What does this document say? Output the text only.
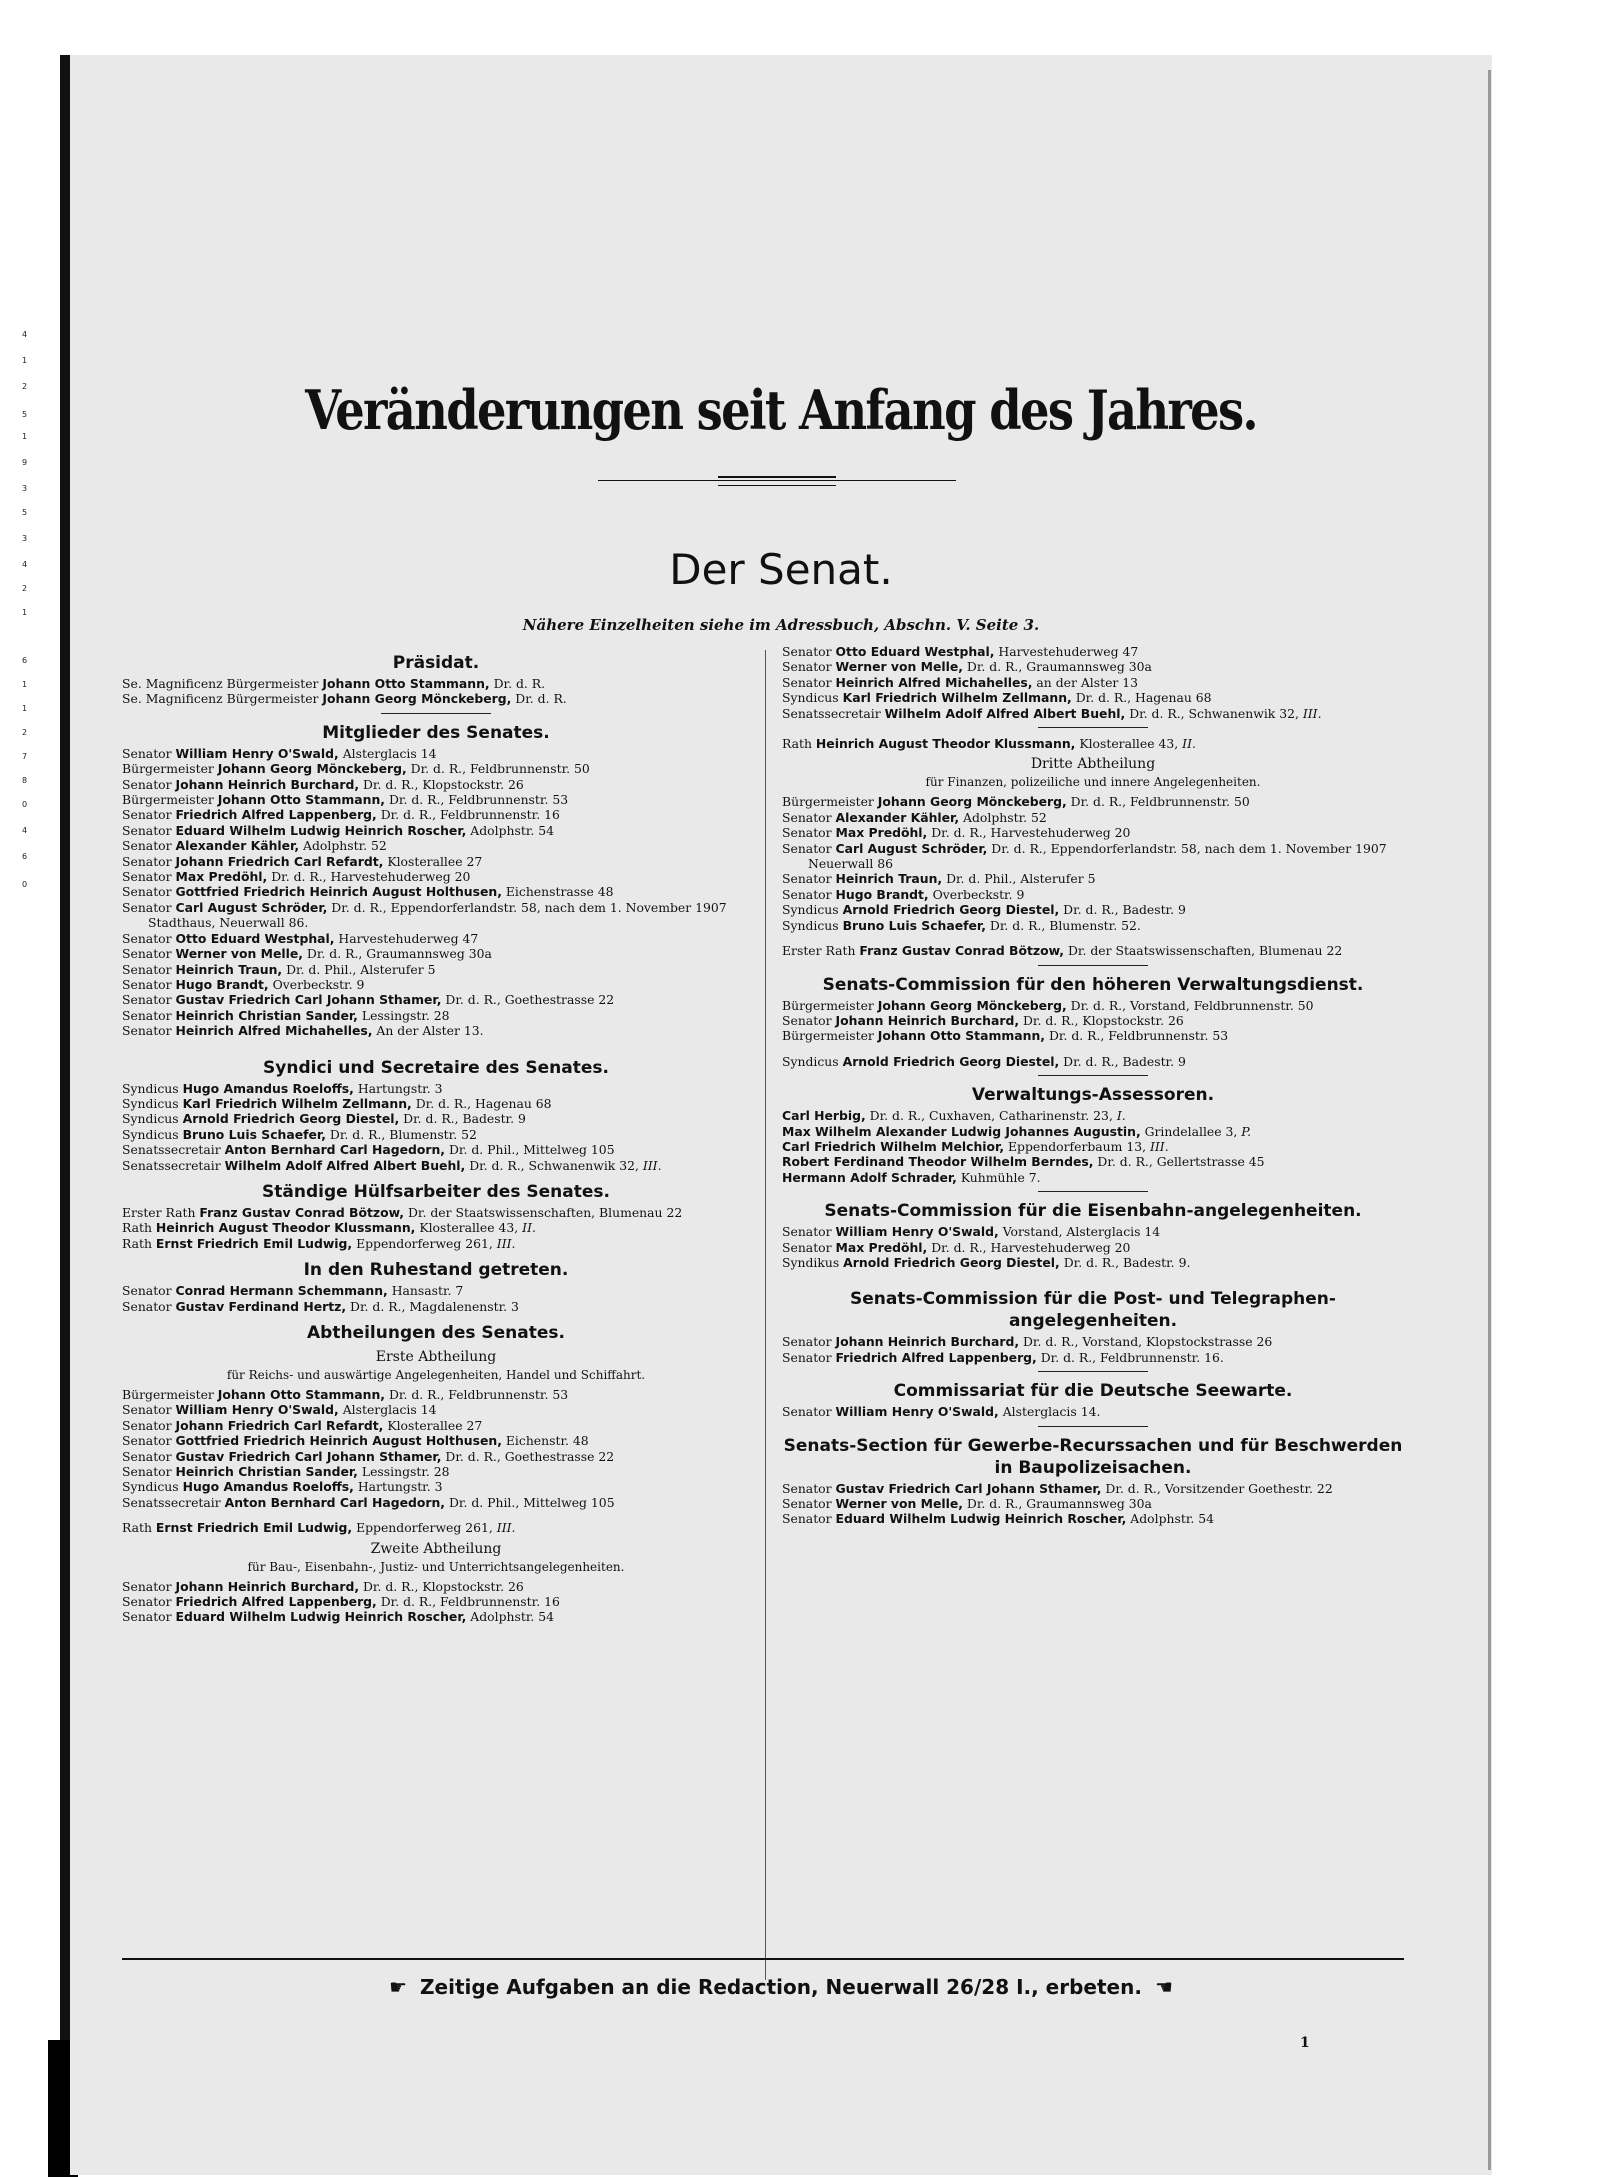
4
1
2
5
1
9
3
5
3
4
2
1
6
1
1
2
7
8
0
4
6
0
Veränderungen seit Anfang des Jahres.
Der Senat.
Nähere Einzelheiten siehe im Adressbuch, Abschn. V. Seite 3.
Präsidat.

Se. Magnificenz Bürgermeister Johann Otto Stammann, Dr. d. R.

Se. Magnificenz Bürgermeister Johann Georg Mönckeberg, Dr. d. R.

Mitglieder des Senates.

Senator William Henry O'Swald, Alsterglacis 14

Bürgermeister Johann Georg Mönckeberg, Dr. d. R., Feldbrunnenstr. 50

Senator Johann Heinrich Burchard, Dr. d. R., Klopstockstr. 26

Bürgermeister Johann Otto Stammann, Dr. d. R., Feldbrunnenstr. 53

Senator Friedrich Alfred Lappenberg, Dr. d. R., Feldbrunnenstr. 16

Senator Eduard Wilhelm Ludwig Heinrich Roscher, Adolphstr. 54

Senator Alexander Kähler, Adolphstr. 52

Senator Johann Friedrich Carl Refardt, Klosterallee 27

Senator Max Predöhl, Dr. d. R., Harvestehuderweg 20

Senator Gottfried Friedrich Heinrich August Holthusen, Eichenstrasse 48

Senator Carl August Schröder, Dr. d. R., Eppendorferlandstr. 58, nach dem 1. November 1907 Stadthaus, Neuerwall 86.

Senator Otto Eduard Westphal, Harvestehuderweg 47

Senator Werner von Melle, Dr. d. R., Graumannsweg 30a

Senator Heinrich Traun, Dr. d. Phil., Alsterufer 5

Senator Hugo Brandt, Overbeckstr. 9

Senator Gustav Friedrich Carl Johann Sthamer, Dr. d. R., Goethestrasse 22

Senator Heinrich Christian Sander, Lessingstr. 28

Senator Heinrich Alfred Michahelles, An der Alster 13.

Syndici und Secretaire des Senates.

Syndicus Hugo Amandus Roeloffs, Hartungstr. 3

Syndicus Karl Friedrich Wilhelm Zellmann, Dr. d. R., Hagenau 68

Syndicus Arnold Friedrich Georg Diestel, Dr. d. R., Badestr. 9

Syndicus Bruno Luis Schaefer, Dr. d. R., Blumenstr. 52

Senatssecretair Anton Bernhard Carl Hagedorn, Dr. d. Phil., Mittelweg 105

Senatssecretair Wilhelm Adolf Alfred Albert Buehl, Dr. d. R., Schwanenwik 32, III.

Ständige Hülfsarbeiter des Senates.

Erster Rath Franz Gustav Conrad Bötzow, Dr. der Staatswissenschaften, Blumenau 22

Rath Heinrich August Theodor Klussmann, Klosterallee 43, II.

Rath Ernst Friedrich Emil Ludwig, Eppendorferweg 261, III.

In den Ruhestand getreten.

Senator Conrad Hermann Schemmann, Hansastr. 7

Senator Gustav Ferdinand Hertz, Dr. d. R., Magdalenenstr. 3

Abtheilungen des Senates.
Erste Abtheilung
für Reichs- und auswärtige Angelegenheiten, Handel und Schiffahrt.

Bürgermeister Johann Otto Stammann, Dr. d. R., Feldbrunnenstr. 53

Senator William Henry O'Swald, Alsterglacis 14

Senator Johann Friedrich Carl Refardt, Klosterallee 27

Senator Gottfried Friedrich Heinrich August Holthusen, Eichenstr. 48

Senator Gustav Friedrich Carl Johann Sthamer, Dr. d. R., Goethestrasse 22

Senator Heinrich Christian Sander, Lessingstr. 28

Syndicus Hugo Amandus Roeloffs, Hartungstr. 3

Senatssecretair Anton Bernhard Carl Hagedorn, Dr. d. Phil., Mittelweg 105

Rath Ernst Friedrich Emil Ludwig, Eppendorferweg 261, III.

Zweite Abtheilung
für Bau-, Eisenbahn-, Justiz- und Unterrichtsangelegenheiten.

Senator Johann Heinrich Burchard, Dr. d. R., Klopstockstr. 26

Senator Friedrich Alfred Lappenberg, Dr. d. R., Feldbrunnenstr. 16

Senator Eduard Wilhelm Ludwig Heinrich Roscher, Adolphstr. 54

Senator Otto Eduard Westphal, Harvestehuderweg 47

Senator Werner von Melle, Dr. d. R., Graumannsweg 30a

Senator Heinrich Alfred Michahelles, an der Alster 13

Syndicus Karl Friedrich Wilhelm Zellmann, Dr. d. R., Hagenau 68

Senatssecretair Wilhelm Adolf Alfred Albert Buehl, Dr. d. R., Schwanenwik 32, III.

Rath Heinrich August Theodor Klussmann, Klosterallee 43, II.

Dritte Abtheilung
für Finanzen, polizeiliche und innere Angelegenheiten.

Bürgermeister Johann Georg Mönckeberg, Dr. d. R., Feldbrunnenstr. 50

Senator Alexander Kähler, Adolphstr. 52

Senator Max Predöhl, Dr. d. R., Harvestehuderweg 20

Senator Carl August Schröder, Dr. d. R., Eppendorferlandstr. 58, nach dem 1. November 1907 Neuerwall 86

Senator Heinrich Traun, Dr. d. Phil., Alsterufer 5

Senator Hugo Brandt, Overbeckstr. 9

Syndicus Arnold Friedrich Georg Diestel, Dr. d. R., Badestr. 9

Syndicus Bruno Luis Schaefer, Dr. d. R., Blumenstr. 52.

Erster Rath Franz Gustav Conrad Bötzow, Dr. der Staatswissenschaften, Blumenau 22

Senats-Commission für den höheren Verwaltungsdienst.

Bürgermeister Johann Georg Mönckeberg, Dr. d. R., Vorstand, Feldbrunnenstr. 50

Senator Johann Heinrich Burchard, Dr. d. R., Klopstockstr. 26

Bürgermeister Johann Otto Stammann, Dr. d. R., Feldbrunnenstr. 53

Syndicus Arnold Friedrich Georg Diestel, Dr. d. R., Badestr. 9

Verwaltungs-Assessoren.

Carl Herbig, Dr. d. R., Cuxhaven, Catharinenstr. 23, I.

Max Wilhelm Alexander Ludwig Johannes Augustin, Grindelallee 3, P.

Carl Friedrich Wilhelm Melchior, Eppendorferbaum 13, III.

Robert Ferdinand Theodor Wilhelm Berndes, Dr. d. R., Gellertstrasse 45

Hermann Adolf Schrader, Kuhmühle 7.

Senats-Commission für die Eisenbahn-angelegenheiten.

Senator William Henry O'Swald, Vorstand, Alsterglacis 14

Senator Max Predöhl, Dr. d. R., Harvestehuderweg 20

Syndikus Arnold Friedrich Georg Diestel, Dr. d. R., Badestr. 9.

Senats-Commission für die Post- und Telegraphen-angelegenheiten.

Senator Johann Heinrich Burchard, Dr. d. R., Vorstand, Klopstockstrasse 26

Senator Friedrich Alfred Lappenberg, Dr. d. R., Feldbrunnenstr. 16.

Commissariat für die Deutsche Seewarte.

Senator William Henry O'Swald, Alsterglacis 14.

Senats-Section für Gewerbe-Recurssachen und für Beschwerden in Baupolizeisachen.

Senator Gustav Friedrich Carl Johann Sthamer, Dr. d. R., Vorsitzender Goethestr. 22

Senator Werner von Melle, Dr. d. R., Graumannsweg 30a

Senator Eduard Wilhelm Ludwig Heinrich Roscher, Adolphstr. 54

☛ Zeitige Aufgaben an die Redaction, Neuerwall 26/28 I., erbeten. ☛
1
